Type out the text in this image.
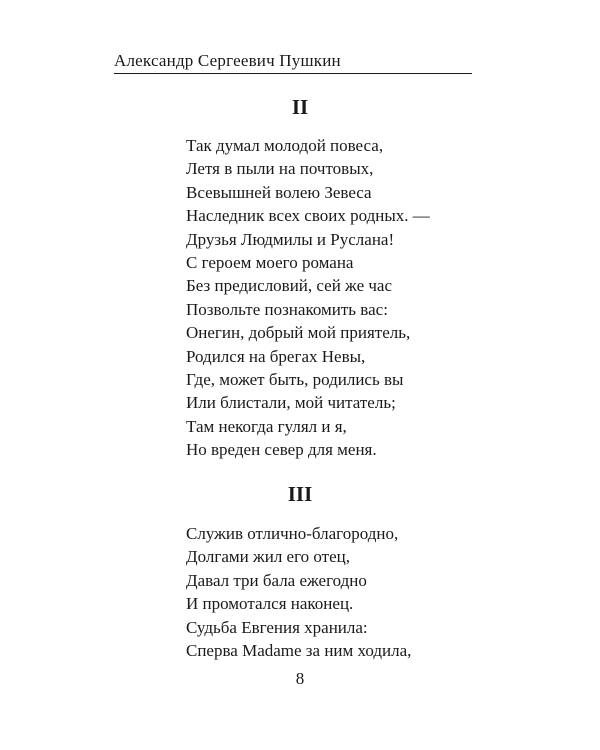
Александр Сергеевич Пушкин
II
Так думал молодой повеса,
Летя в пыли на почтовых,
Всевышней волею Зевеса
Наследник всех своих родных. —
Друзья Людмилы и Руслана!
С героем моего романа
Без предисловий, сей же час
Позвольте познакомить вас:
Онегин, добрый мой приятель,
Родился на брегах Невы,
Где, может быть, родились вы
Или блистали, мой читатель;
Там некогда гулял и я,
Но вреден север для меня.
III
Служив отлично-благородно,
Долгами жил его отец,
Давал три бала ежегодно
И промотался наконец.
Судьба Евгения хранила:
Сперва Madame за ним ходила,
8
